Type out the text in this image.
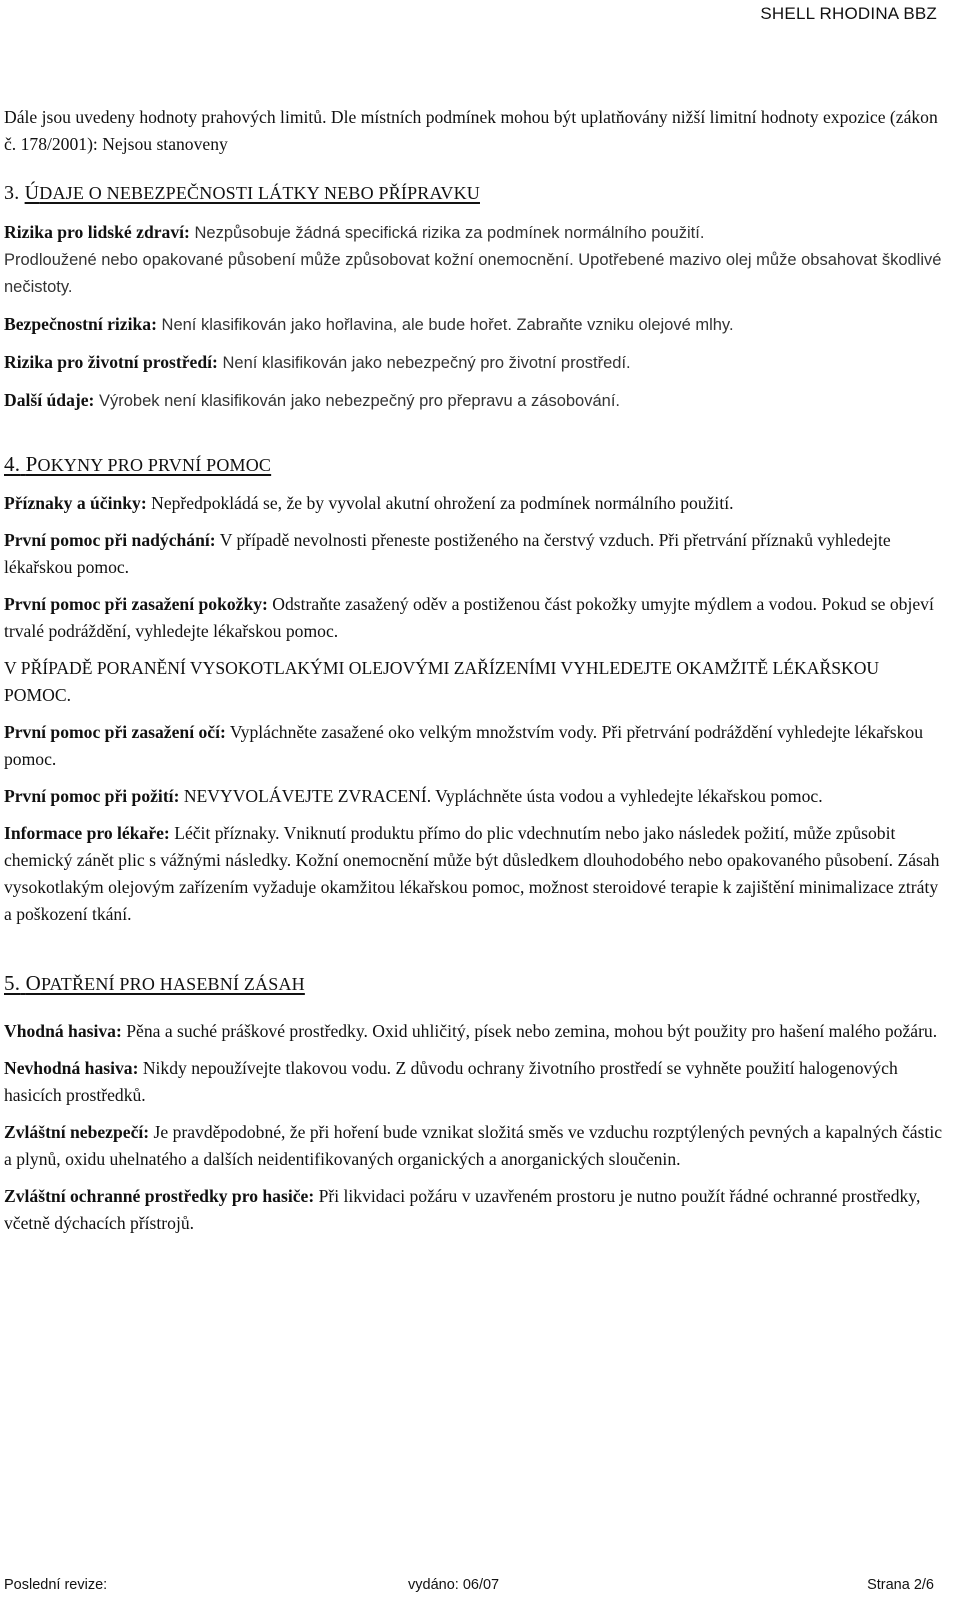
SHELL RHODINA BBZ

Dále jsou uvedeny hodnoty prahových limitů. Dle místních podmínek mohou být uplatňovány nižší limitní hodnoty expozice (zákon č. 178/2001): Nejsou stanoveny

3. ÚDAJE O NEBEZPEČNOSTI LÁTKY NEBO PŘÍPRAVKU

Rizika pro lidské zdraví: Nezpůsobuje žádná specifická rizika za podmínek normálního použití.
Prodloužené nebo opakované působení může způsobovat kožní onemocnění. Upotřebené mazivo olej může obsahovat škodlivé nečistoty.

Bezpečnostní rizika: Není klasifikován jako hořlavina, ale bude hořet. Zabraňte vzniku olejové mlhy.

Rizika pro životní prostředí: Není klasifikován jako nebezpečný pro životní prostředí.

Další údaje: Výrobek není klasifikován jako nebezpečný pro přepravu a zásobování.

4. POKYNY PRO PRVNÍ POMOC

Příznaky a účinky: Nepředpokládá se, že by vyvolal akutní ohrožení za podmínek normálního použití.

První pomoc při nadýchání: V případě nevolnosti přeneste postiženého na čerstvý vzduch. Při přetrvání příznaků vyhledejte lékařskou pomoc.

První pomoc při zasažení pokožky: Odstraňte zasažený oděv a postiženou část pokožky umyjte mýdlem a vodou. Pokud se objeví trvalé podráždění, vyhledejte lékařskou pomoc.

V PŘÍPADĚ PORANĚNÍ VYSOKOTLAKÝMI OLEJOVÝMI ZAŘÍZENÍMI VYHLEDEJTE OKAMŽITĚ LÉKAŘSKOU POMOC.

První pomoc při zasažení očí: Vypláchněte zasažené oko velkým množstvím vody. Při přetrvání podráždění vyhledejte lékařskou pomoc.

První pomoc při požití: NEVYVOLÁVEJTE ZVRACENÍ. Vypláchněte ústa vodou a vyhledejte lékařskou pomoc.

Informace pro lékaře: Léčit příznaky. Vniknutí produktu přímo do plic vdechnutím nebo jako následek požití, může způsobit chemický zánět plic s vážnými následky. Kožní onemocnění může být důsledkem dlouhodobého nebo opakovaného působení. Zásah vysokotlakým olejovým zařízením vyžaduje okamžitou lékařskou pomoc, možnost steroidové terapie k zajištění minimalizace ztráty a poškození tkání.

5. OPATŘENÍ PRO HASEBNÍ ZÁSAH

Vhodná hasiva: Pěna a suché práškové prostředky. Oxid uhličitý, písek nebo zemina, mohou být použity pro hašení malého požáru.

Nevhodná hasiva: Nikdy nepoužívejte tlakovou vodu. Z důvodu ochrany životního prostředí se vyhněte použití halogenových hasicích prostředků.

Zvláštní nebezpečí: Je pravděpodobné, že při hoření bude vznikat složitá směs ve vzduchu rozptýlených pevných a kapalných částic a plynů, oxidu uhelnatého a dalších neidentifikovaných organických a anorganických sloučenin.

Zvláštní ochranné prostředky pro hasiče: Při likvidaci požáru v uzavřeném prostoru je nutno použít řádné ochranné prostředky, včetně dýchacích přístrojů.

Poslední revize:	vydáno: 06/07	Strana 2/6
